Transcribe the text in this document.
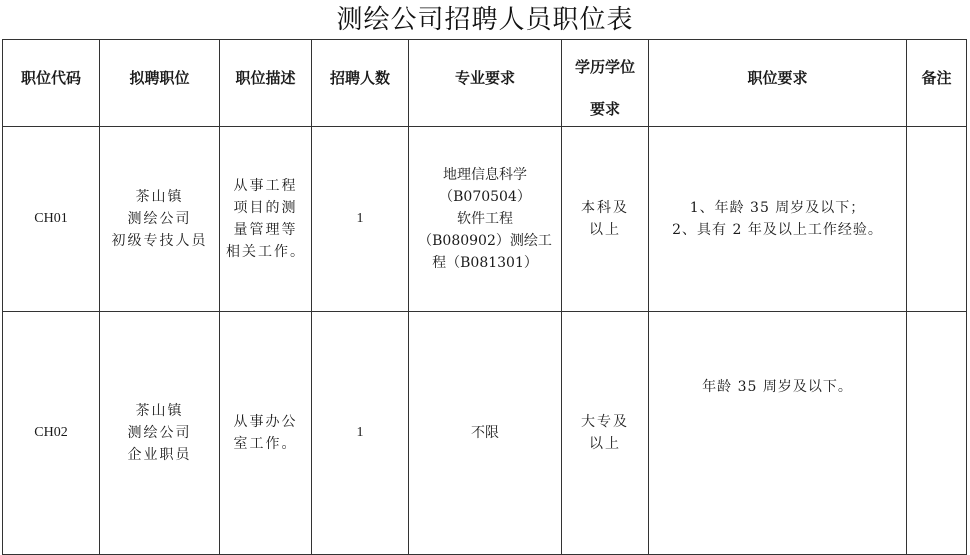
测绘公司招聘人员职位表
职位代码	拟聘职位	职位描述	招聘人数	专业要求	学历学位
要求	职位要求	备注
CH01	茶山镇
测绘公司
初级专技人员	从事工程
项目的测
量管理等
相关工作。	1	地理信息科学
（B070504）
软件工程
（B080902）测绘工
程（B081301）	本科及
以上	1、年龄 35 周岁及以下；
2、具有 2 年及以上工作经验。	

CH02	茶山镇
测绘公司
企业职员	从事办公
室工作。	1	不限	大专及
以上	年龄 35 周岁及以下。	
